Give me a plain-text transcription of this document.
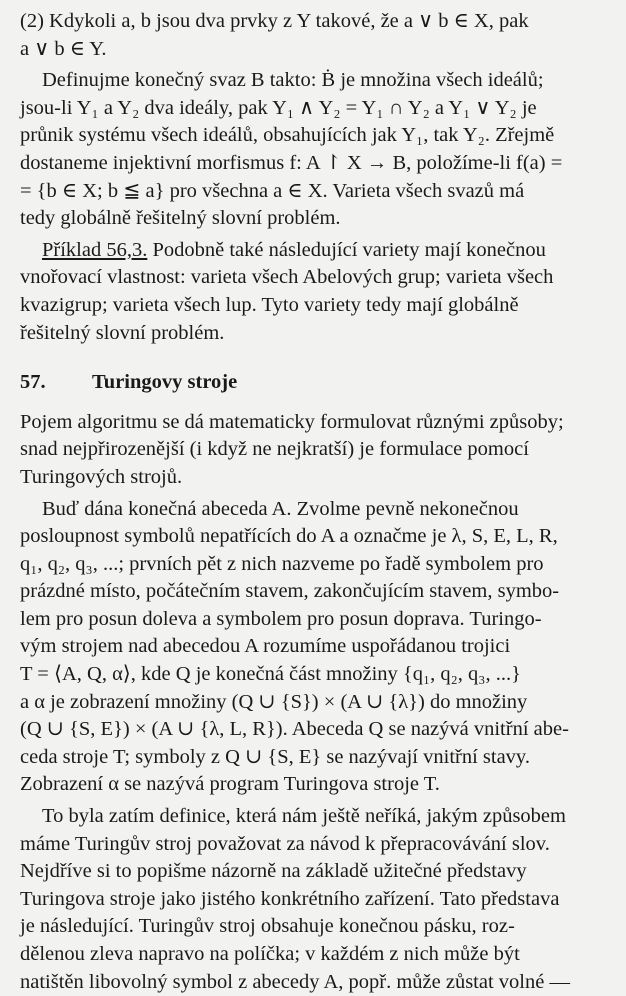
(2) Kdykoli a, b jsou dva prvky z Y takové, že a ∨ b ∈ X, pak
a ∨ b ∈ Y.

Definujme konečný svaz B takto: Ḃ je množina všech ideálů;
jsou-li Y₁ a Y₂ dva ideály, pak Y₁ ∧ Y₂ = Y₁ ∩ Y₂ a Y₁ ∨ Y₂ je
průnik systému všech ideálů, obsahujících jak Y₁, tak Y₂. Zřejmě
dostaneme injektivní morfismus f: A ↾ X → B, položíme-li f(a) =
= {b ∈ X; b ≦ a} pro všechna a ∈ X. Varieta všech svazů má
tedy globálně řešitelný slovní problém.

Příklad 56,3. Podobně také následující variety mají konečnou
vnořovací vlastnost: varieta všech Abelových grup; varieta všech
kvazigrup; varieta všech lup. Tyto variety tedy mají globálně
řešitelný slovní problém.

57.	Turingovy stroje

Pojem algoritmu se dá matematicky formulovat různými způsoby;
snad nejpřirozenější (i když ne nejkratší) je formulace pomocí
Turingových strojů.

Buď dána konečná abeceda A. Zvolme pevně nekonečnou
posloupnost symbolů nepatřících do A a označme je λ, S, E, L, R,
q₁, q₂, q₃, ...; prvních pět z nich nazveme po řadě symbolem pro
prázdné místo, počátečním stavem, zakončujícím stavem, symbo-
lem pro posun doleva a symbolem pro posun doprava. Turingo-
vým strojem nad abecedou A rozumíme uspořádanou trojici
T = ⟨A, Q, α⟩, kde Q je konečná část množiny {q₁, q₂, q₃, ...}
a α je zobrazení množiny (Q ∪ {S}) × (A ∪ {λ}) do množiny
(Q ∪ {S, E}) × (A ∪ {λ, L, R}). Abeceda Q se nazývá vnitřní abe-
ceda stroje T; symboly z Q ∪ {S, E} se nazývají vnitřní stavy.
Zobrazení α se nazývá program Turingova stroje T.

To byla zatím definice, která nám ještě neříká, jakým způsobem
máme Turingův stroj považovat za návod k přepracovávání slov.
Nejdříve si to popišme názorně na základě užitečné představy
Turingova stroje jako jistého konkrétního zařízení. Tato představa
je následující. Turingův stroj obsahuje konečnou pásku, roz-
dělenou zleva napravo na políčka; v každém z nich může být
natištěn libovolný symbol z abecedy A, popř. může zůstat volné —
